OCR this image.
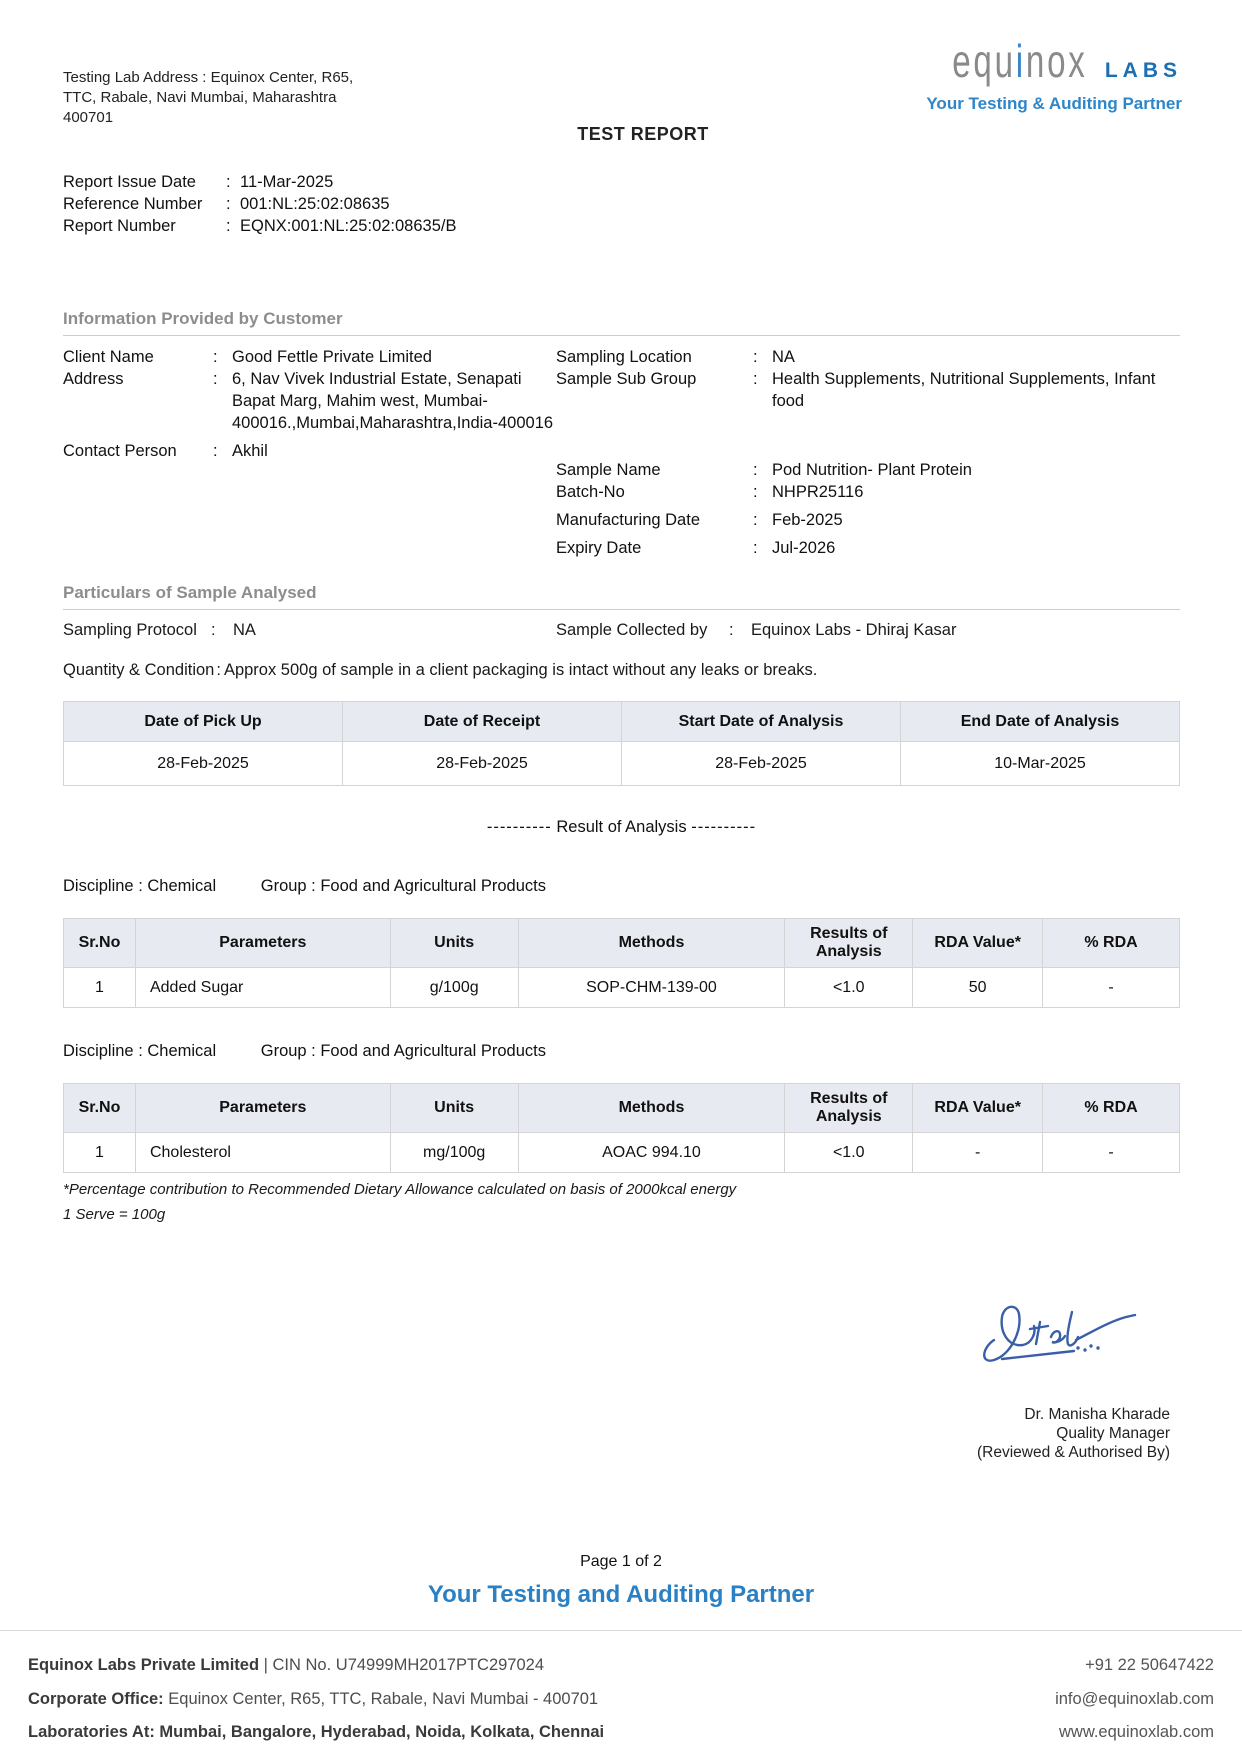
Testing Lab Address : Equinox Center, R65,
TTC, Rabale, Navi Mumbai, Maharashtra
400701
equinox LABS
Your Testing & Auditing Partner
TEST REPORT
Report Issue Date : 11-Mar-2025
Reference Number : 001:NL:25:02:08635
Report Number	: EQNX:001:NL:25:02:08635/B
Information Provided by Customer
Client Name	: Good Fettle Private Limited
Address	: 6, Nav Vivek Industrial Estate, Senapati Bapat Marg, Mahim west, Mumbai-400016.,Mumbai,Maharashtra,India-400016
Contact Person	: Akhil
Sampling Location	: NA
Sample Sub Group	: Health Supplements, Nutritional Supplements, Infant food
Sample Name	: Pod Nutrition- Plant Protein
Batch-No	: NHPR25116
Manufacturing Date	: Feb-2025
Expiry Date	: Jul-2026
Particulars of Sample Analysed
Sampling Protocol :	NA	Sample Collected by	:	Equinox Labs - Dhiraj Kasar
Quantity & Condition : Approx 500g of sample in a client packaging is intact without any leaks or breaks.
Date of Pick Up	Date of Receipt	Start Date of Analysis	End Date of Analysis
28-Feb-2025	28-Feb-2025	28-Feb-2025	10-Mar-2025
---------- Result of Analysis ----------
Discipline : Chemical	Group : Food and Agricultural Products
Sr.No	Parameters	Units	Methods	Results of Analysis	RDA Value*	% RDA
1	Added Sugar	g/100g	SOP-CHM-139-00	<1.0	50	-
Discipline : Chemical	Group : Food and Agricultural Products
Sr.No	Parameters	Units	Methods	Results of Analysis	RDA Value*	% RDA
1	Cholesterol	mg/100g	AOAC 994.10	<1.0	-	-
*Percentage contribution to Recommended Dietary Allowance calculated on basis of 2000kcal energy
1 Serve = 100g
Dr. Manisha Kharade
Quality Manager
(Reviewed & Authorised By)
Page 1 of 2
Your Testing and Auditing Partner
Equinox Labs Private Limited | CIN No. U74999MH2017PTC297024	+91 22 50647422
Corporate Office: Equinox Center, R65, TTC, Rabale, Navi Mumbai - 400701	info@equinoxlab.com
Laboratories At: Mumbai, Bangalore, Hyderabad, Noida, Kolkata, Chennai	www.equinoxlab.com
